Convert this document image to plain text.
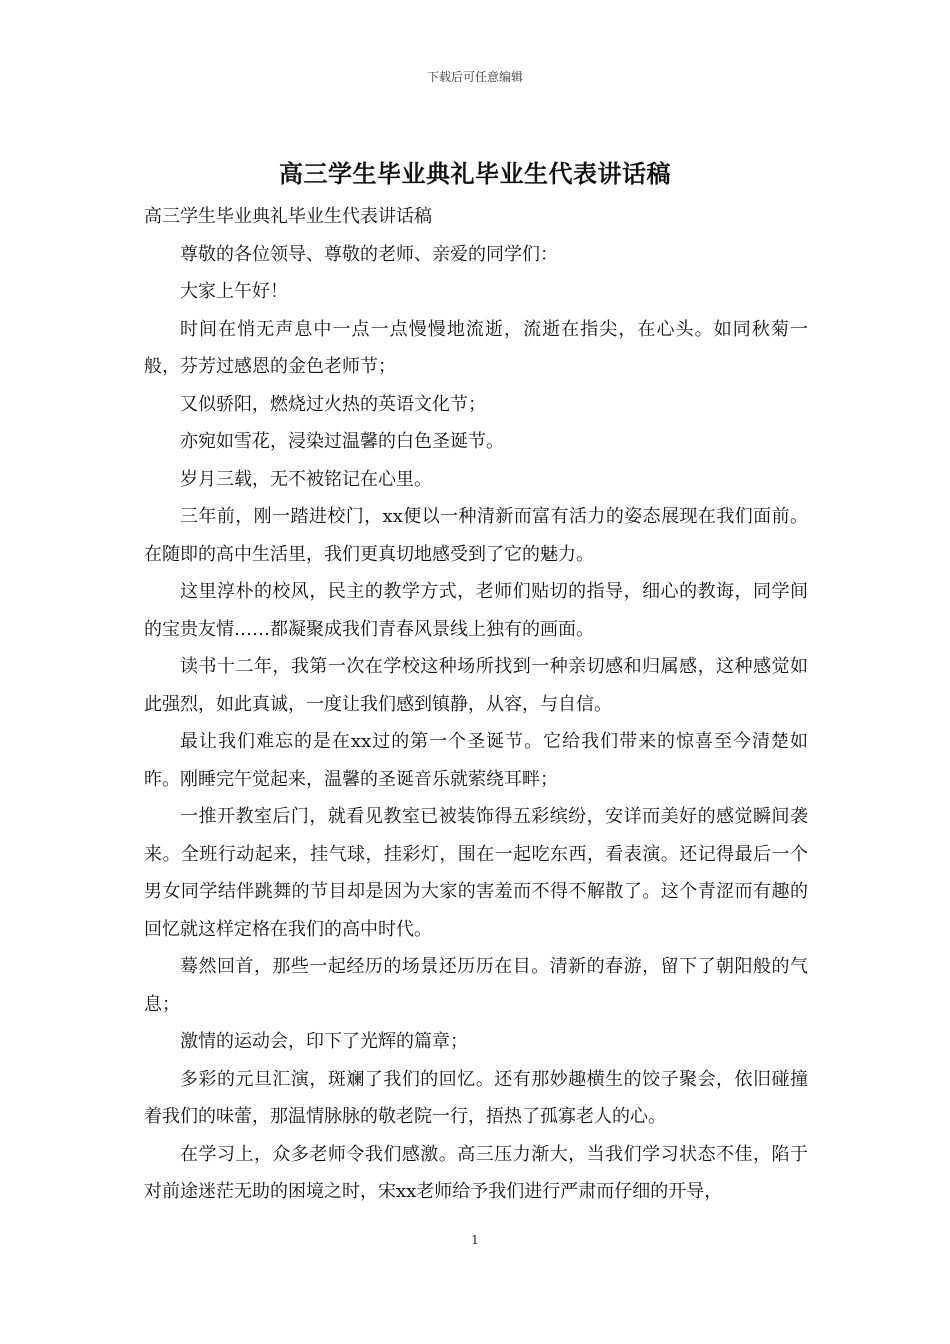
下载后可任意编辑
高三学生毕业典礼毕业生代表讲话稿

高三学生毕业典礼毕业生代表讲话稿

尊敬的各位领导、尊敬的老师、亲爱的同学们：

大家上午好！

时间在悄无声息中一点一点慢慢地流逝，流逝在指尖，在心头。如同秋菊一般，芬芳过感恩的金色老师节；

又似骄阳，燃烧过火热的英语文化节；

亦宛如雪花，浸染过温馨的白色圣诞节。

岁月三载，无不被铭记在心里。

三年前，刚一踏进校门，xx便以一种清新而富有活力的姿态展现在我们面前。在随即的高中生活里，我们更真切地感受到了它的魅力。

这里淳朴的校风，民主的教学方式，老师们贴切的指导，细心的教诲，同学间的宝贵友情……都凝聚成我们青春风景线上独有的画面。

读书十二年，我第一次在学校这种场所找到一种亲切感和归属感，这种感觉如此强烈，如此真诚，一度让我们感到镇静，从容，与自信。

最让我们难忘的是在xx过的第一个圣诞节。它给我们带来的惊喜至今清楚如昨。刚睡完午觉起来，温馨的圣诞音乐就萦绕耳畔；

一推开教室后门，就看见教室已被装饰得五彩缤纷，安详而美好的感觉瞬间袭来。全班行动起来，挂气球，挂彩灯，围在一起吃东西，看表演。还记得最后一个男女同学结伴跳舞的节目却是因为大家的害羞而不得不解散了。这个青涩而有趣的回忆就这样定格在我们的高中时代。

蓦然回首，那些一起经历的场景还历历在目。清新的春游，留下了朝阳般的气息；

激情的运动会，印下了光辉的篇章；

多彩的元旦汇演，斑斓了我们的回忆。还有那妙趣横生的饺子聚会，依旧碰撞着我们的味蕾，那温情脉脉的敬老院一行，捂热了孤寡老人的心。

在学习上，众多老师令我们感激。高三压力渐大，当我们学习状态不佳，陷于对前途迷茫无助的困境之时，宋xx老师给予我们进行严肃而仔细的开导，

1
